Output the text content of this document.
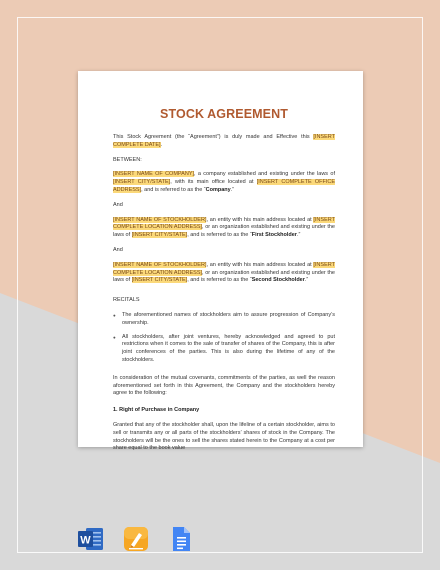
STOCK AGREEMENT

This Stock Agreement (the “Agreement”) is duly made and Effective this [INSERT COMPLETE DATE].

BETWEEN:

[INSERT NAME OF COMPANY], a company established and existing under the laws of [INSERT CITY/STATE], with its main office located at [INSERT COMPLETE OFFICE ADDRESS], and is referred to as the “Company.”

And

[INSERT NAME OF STOCKHOLDER], an entity with his main address located at [INSERT COMPLETE LOCATION ADDRESS], or an organization established and existing under the laws of [INSERT CITY/STATE], and is referred to as the “First Stockholder.”

And

[INSERT NAME OF STOCKHOLDER], an entity with his main address located at [INSERT COMPLETE LOCATION ADDRESS], or an organization established and existing under the laws of [INSERT CITY/STATE], and is referred to as the “Second Stockholder.”

RECITALS

● The aforementioned names of stockholders aim to assure progression of Company’s ownership.
● All stockholders, after joint ventures, hereby acknowledged and agreed to put restrictions when it comes to the sale of transfer of shares of the Company, this is after joint conferences of the parties. This is also during the lifetime of any of the stockholders.

In consideration of the mutual covenants, commitments of the parties, as well the reason aforementioned set forth in this Agreement, the Company and the stockholders hereby agree to the following:

1. Right of Purchase in Company

Granted that any of the stockholder shall, upon the lifeline of a certain stockholder, aims to sell or transmits any or all parts of the stockholders’ shares of stock in the Company. The stockholders will be the ones to sell the shares stated herein to the Company at a cost per share equal to the book value

W
